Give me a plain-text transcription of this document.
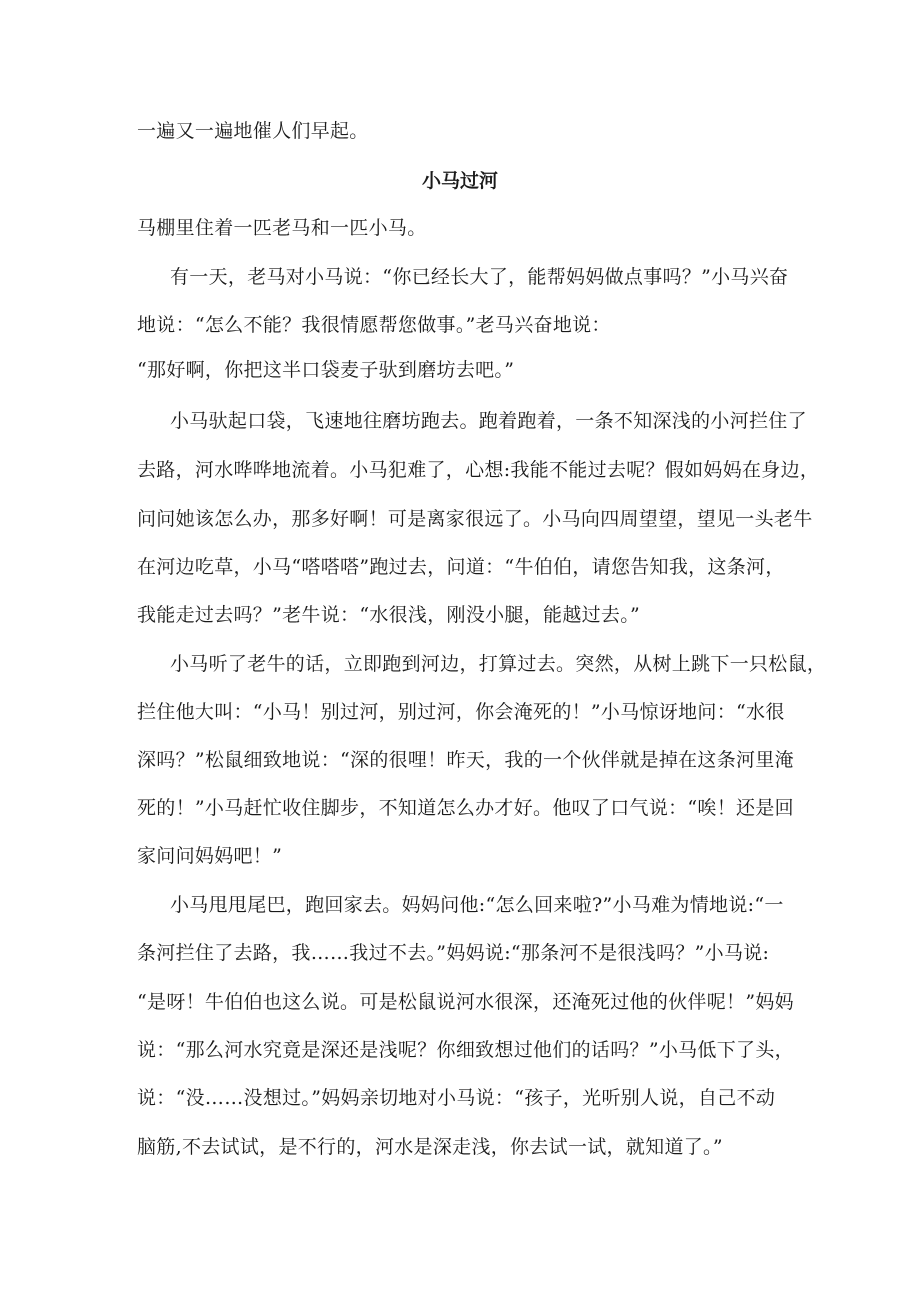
一遍又一遍地催人们早起。
小马过河
马棚里住着一匹老马和一匹小马。
有一天，老马对小马说：“你已经长大了，能帮妈妈做点事吗？”小马兴奋
地说：“怎么不能？我很情愿帮您做事。”老马兴奋地说：
“那好啊，你把这半口袋麦子驮到磨坊去吧。”
小马驮起口袋，飞速地往磨坊跑去。跑着跑着，一条不知深浅的小河拦住了
去路，河水哗哗地流着。小马犯难了，心想:我能不能过去呢？假如妈妈在身边，
问问她该怎么办，那多好啊！可是离家很远了。小马向四周望望，望见一头老牛
在河边吃草，小马“嗒嗒嗒”跑过去，问道：“牛伯伯，请您告知我，这条河，
我能走过去吗？”老牛说：“水很浅，刚没小腿，能越过去。”
小马听了老牛的话，立即跑到河边，打算过去。突然，从树上跳下一只松鼠，
拦住他大叫：“小马！别过河，别过河，你会淹死的！”小马惊讶地问：“水很
深吗？”松鼠细致地说：“深的很哩！昨天，我的一个伙伴就是掉在这条河里淹
死的！”小马赶忙收住脚步，不知道怎么办才好。他叹了口气说：“唉！还是回
家问问妈妈吧！”
小马甩甩尾巴，跑回家去。妈妈问他:“怎么回来啦?”小马难为情地说:“一
条河拦住了去路，我……我过不去。”妈妈说:“那条河不是很浅吗？”小马说:
“是呀！牛伯伯也这么说。可是松鼠说河水很深，还淹死过他的伙伴呢！”妈妈
说：“那么河水究竟是深还是浅呢？你细致想过他们的话吗？”小马低下了头，
说：“没……没想过。”妈妈亲切地对小马说：“孩子，光听别人说，自己不动
脑筋,不去试试，是不行的，河水是深走浅，你去试一试，就知道了。”
